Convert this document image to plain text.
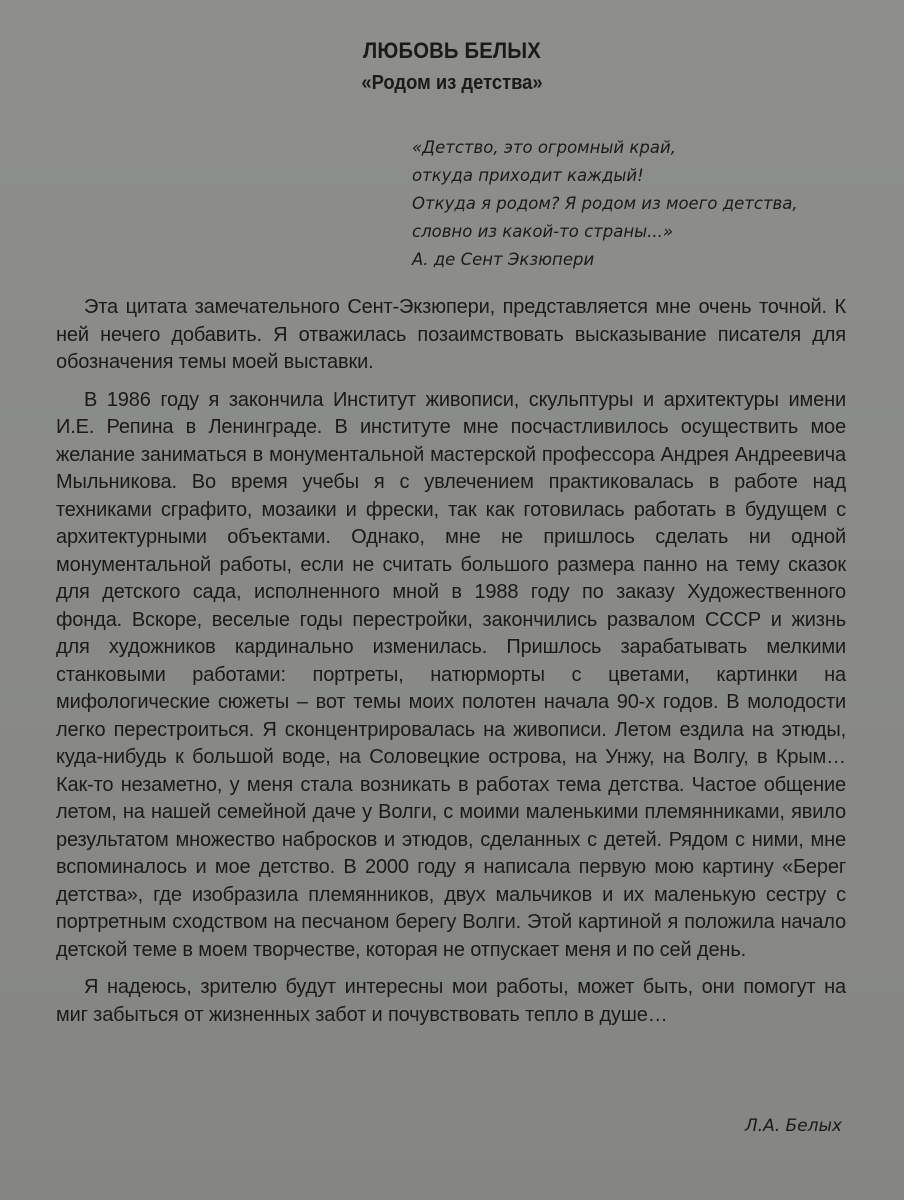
ЛЮБОВЬ БЕЛЫХ
«Родом из детства»
«Детство, это огромный край,
откуда приходит каждый!
Откуда я родом? Я родом из моего детства,
словно из какой-то страны...»
А. де Сент Экзюпери

Эта цитата замечательного Сент-Экзюпери, представляется мне очень точной. К ней нечего добавить. Я отважилась позаимствовать высказывание писателя для обозначения темы моей выставки.

В 1986 году я закончила Институт живописи, скульптуры и архитектуры имени И.Е. Репина в Ленинграде. В институте мне посчастливилось осуществить мое желание заниматься в монументальной мастерской профессора Андрея Андреевича Мыльникова. Во время учебы я с увлечением практиковалась в работе над техниками сграфито, мозаики и фрески, так как готовилась работать в будущем с архитектурными объектами. Однако, мне не пришлось сделать ни одной монументальной работы, если не считать большого размера панно на тему сказок для детского сада, исполненного мной в 1988 году по заказу Художественного фонда. Вскоре, веселые годы перестройки, закончились развалом СССР и жизнь для художников кардинально изменилась. Пришлось зарабатывать мелкими станковыми работами: портреты, натюрморты с цветами, картинки на мифологические сюжеты – вот темы моих полотен начала 90-х годов. В молодости легко перестроиться. Я сконцентрировалась на живописи. Летом ездила на этюды, куда-нибудь к большой воде, на Соловецкие острова, на Унжу, на Волгу, в Крым… Как-то незаметно, у меня стала возникать в работах тема детства. Частое общение летом, на нашей семейной даче у Волги, с моими маленькими племянниками, явило результатом множество набросков и этюдов, сделанных с детей. Рядом с ними, мне вспоминалось и мое детство. В 2000 году я написала первую мою картину «Берег детства», где изобразила племянников, двух мальчиков и их маленькую сестру с портретным сходством на песчаном берегу Волги. Этой картиной я положила начало детской теме в моем творчестве, которая не отпускает меня и по сей день.

Я надеюсь, зрителю будут интересны мои работы, может быть, они помогут на миг забыться от жизненных забот и почувствовать тепло в душе…

Л.А. Белых
